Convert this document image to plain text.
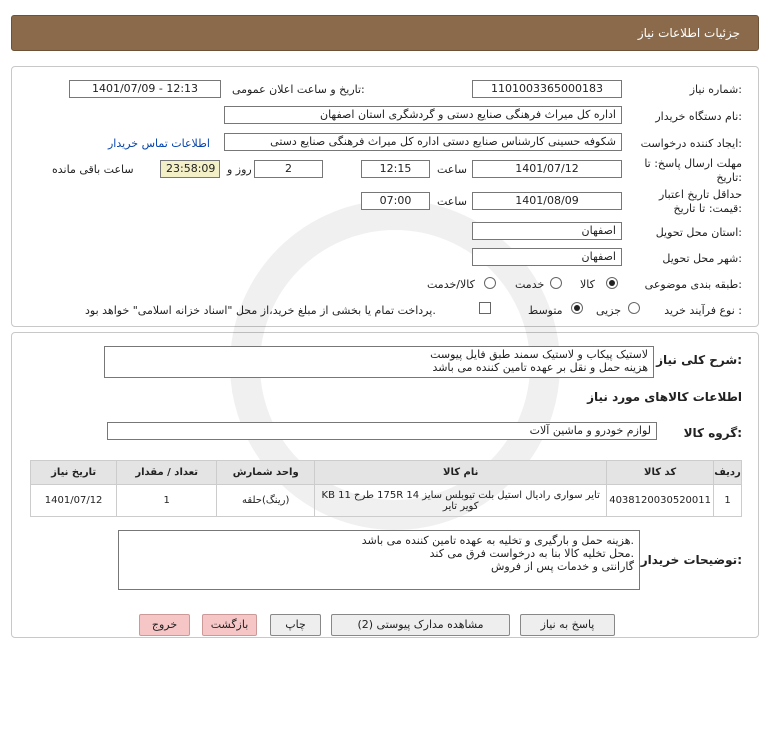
جزئیات اطلاعات نیاز
شماره نیاز:
1101003365000183
تاریخ و ساعت اعلان عمومی:
1401/07/09 - 12:13
نام دستگاه خریدار:
اداره کل میراث فرهنگی صنایع دستی و گردشگری استان اصفهان
ایجاد کننده درخواست:
شکوفه حسینی کارشناس صنایع دستی اداره کل میراث فرهنگی صنایع دستی
اطلاعات تماس خریدار
مهلت ارسال پاسخ: تا
تاریخ:
1401/07/12
ساعت
12:15
2
روز و
23:58:09
ساعت باقی مانده
حداقل تاریخ اعتبار
قیمت: تا تاریخ:
1401/08/09
ساعت
07:00
استان محل تحویل:
اصفهان
شهر محل تحویل:
اصفهان
طبقه بندی موضوعی:
کالا
خدمت
کالا/خدمت
نوع فرآیند خرید :
جزیی
متوسط
پرداخت تمام یا بخشی از مبلغ خرید،از محل "اسناد خزانه اسلامی" خواهد بود.
شرح کلی نیاز:
لاستیک پیکاب و لاستیک سمند طبق فایل پیوست
هزینه حمل و نقل بر عهده تامین کننده می باشد
اطلاعات کالاهای مورد نیاز
گروه کالا:
لوازم خودرو و ماشین آلات
ردیف	کد کالا	نام کالا	واحد شمارش	تعداد / مقدار	تاریخ نیاز
1	4038120030520011	تایر سواری رادیال استیل بلت تیوبلس سایز 14 175R طرح KB 11 کویر تایر	(رینگ)حلقه	1	1401/07/12
توضیحات خریدار:
هزینه حمل و بارگیری و تخلیه به عهده تامین کننده می باشد.
محل تخلیه کالا بنا به درخواست فرق می کند.
گارانتی و خدمات پس از فروش
پاسخ به نیاز
مشاهده مدارک پیوستی (2)
چاپ
بازگشت
خروج
